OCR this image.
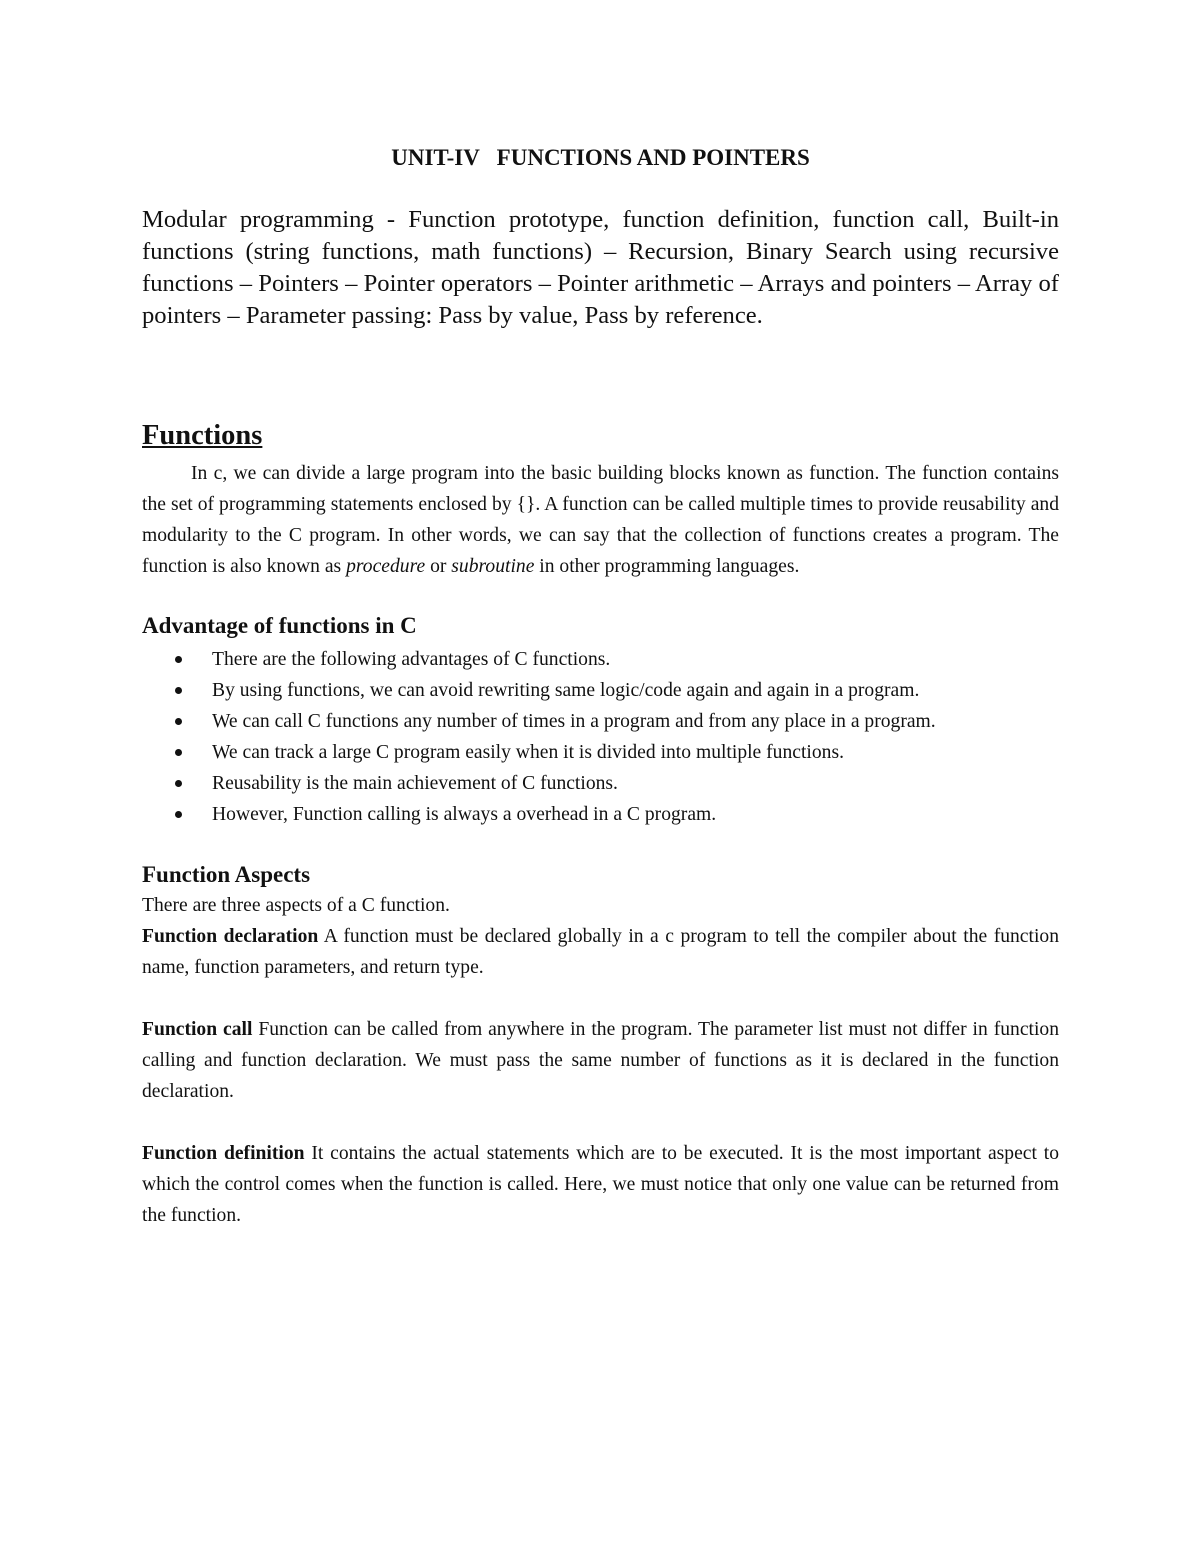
UNIT-IV   FUNCTIONS AND POINTERS

Modular programming - Function prototype, function definition, function call, Built-in functions (string functions, math functions) – Recursion, Binary Search using recursive functions – Pointers – Pointer operators – Pointer arithmetic – Arrays and pointers – Array of pointers – Parameter passing: Pass by value, Pass by reference.

Functions

In c, we can divide a large program into the basic building blocks known as function. The function contains the set of programming statements enclosed by {}. A function can be called multiple times to provide reusability and modularity to the C program. In other words, we can say that the collection of functions creates a program. The function is also known as procedure or subroutine in other programming languages.

Advantage of functions in C
There are the following advantages of C functions.
By using functions, we can avoid rewriting same logic/code again and again in a program.
We can call C functions any number of times in a program and from any place in a program.
We can track a large C program easily when it is divided into multiple functions.
Reusability is the main achievement of C functions.
However, Function calling is always a overhead in a C program.
Function Aspects

There are three aspects of a C function.

Function declaration A function must be declared globally in a c program to tell the compiler about the function name, function parameters, and return type.

Function call Function can be called from anywhere in the program. The parameter list must not differ in function calling and function declaration. We must pass the same number of functions as it is declared in the function declaration.

Function definition It contains the actual statements which are to be executed. It is the most important aspect to which the control comes when the function is called. Here, we must notice that only one value can be returned from the function.
